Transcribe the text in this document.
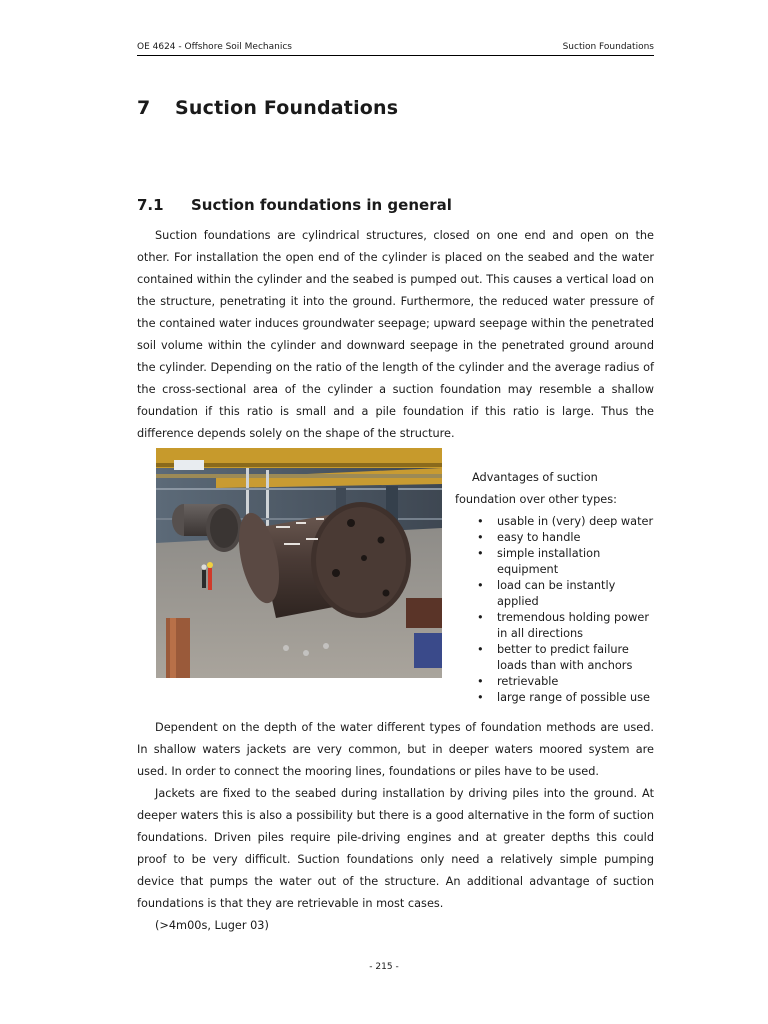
OE 4624 - Offshore Soil Mechanics	Suction Foundations
7 Suction Foundations
7.1 Suction foundations in general

Suction foundations are cylindrical structures, closed on one end and open on the other. For installation the open end of the cylinder is placed on the seabed and the water contained within the cylinder and the seabed is pumped out. This causes a vertical load on the structure, penetrating it into the ground. Furthermore, the reduced water pressure of the contained water induces groundwater seepage; upward seepage within the penetrated soil volume within the cylinder and downward seepage in the penetrated ground around the cylinder. Depending on the ratio of the length of the cylinder and the average radius of the cross-sectional area of the cylinder a suction foundation may resemble a shallow foundation if this ratio is small and a pile foundation if this ratio is large. Thus the difference depends solely on the shape of the structure.

Advantages of suction foundation over other types:

• usable in (very) deep water
• easy to handle
• simple installation equipment
• load can be instantly applied
• tremendous holding power in all directions
• better to predict failure loads than with anchors
• retrievable
• large range of possible use

Dependent on the depth of the water different types of foundation methods are used. In shallow waters jackets are very common, but in deeper waters moored system are used. In order to connect the mooring lines, foundations or piles have to be used.

Jackets are fixed to the seabed during installation by driving piles into the ground. At deeper waters this is also a possibility but there is a good alternative in the form of suction foundations. Driven piles require pile-driving engines and at greater depths this could proof to be very difficult. Suction foundations only need a relatively simple pumping device that pumps the water out of the structure. An additional advantage of suction foundations is that they are retrievable in most cases.

(>4m00s, Luger 03)

- 215 -
